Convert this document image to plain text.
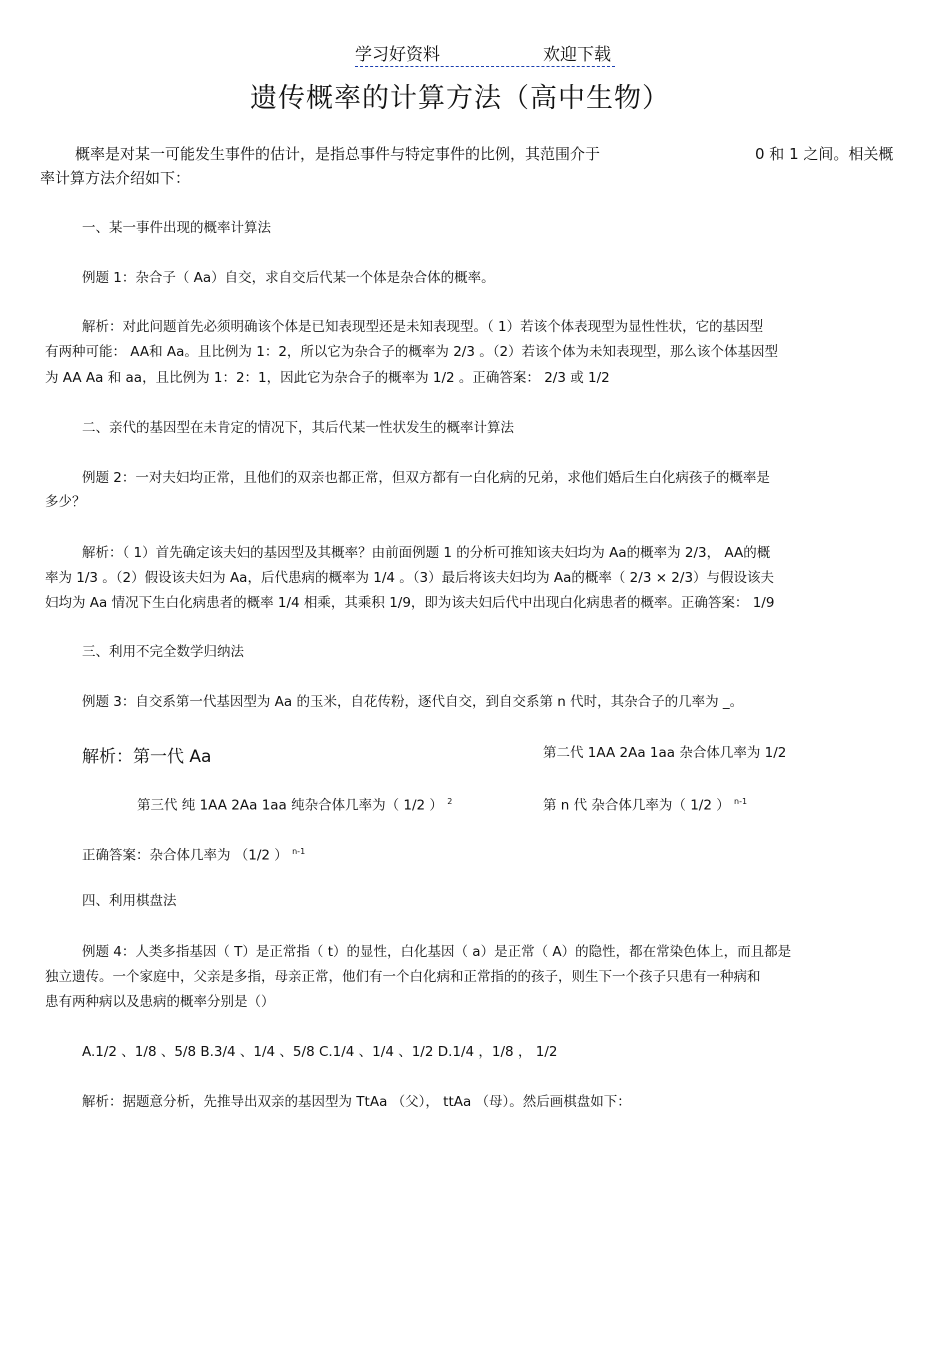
学习好资料	欢迎下载
遗传概率的计算方法（高中生物）
概率是对某一可能发生事件的估计，是指总事件与特定事件的比例，其范围介于	0 和 1 之间。相关概
率计算方法介绍如下：
一、某一事件出现的概率计算法
例题 1：杂合子（ Aa）自交，求自交后代某一个体是杂合体的概率。
解析：对此问题首先必须明确该个体是已知表现型还是未知表现型。（ 1）若该个体表现型为显性性状，它的基因型
有两种可能： AA和 Aa。且比例为 1：2，所以它为杂合子的概率为 2/3 。（2）若该个体为未知表现型，那么该个体基因型
为 AA Aa 和 aa，且比例为 1：2：1，因此它为杂合子的概率为 1/2 。正确答案： 2/3 或 1/2
二、亲代的基因型在未肯定的情况下，其后代某一性状发生的概率计算法
例题 2：一对夫妇均正常，且他们的双亲也都正常，但双方都有一白化病的兄弟，求他们婚后生白化病孩子的概率是
多少？
解析：（ 1）首先确定该夫妇的基因型及其概率？由前面例题 1 的分析可推知该夫妇均为 Aa的概率为 2/3， AA的概
率为 1/3 。（2）假设该夫妇为 Aa，后代患病的概率为 1/4 。（3）最后将该夫妇均为 Aa的概率（ 2/3 × 2/3）与假设该夫
妇均为 Aa 情况下生白化病患者的概率 1/4 相乘，其乘积 1/9，即为该夫妇后代中出现白化病患者的概率。正确答案： 1/9
三、利用不完全数学归纳法
例题 3：自交系第一代基因型为 Aa 的玉米，自花传粉，逐代自交，到自交系第 n 代时，其杂合子的几率为 _。
解析：第一代 Aa	第二代 1AA 2Aa 1aa 杂合体几率为 1/2
第三代 纯 1AA 2Aa 1aa 纯杂合体几率为（ 1/2 ） $^2$	第 n 代 杂合体几率为（ 1/2 ） $^{n-1}$
正确答案：杂合体几率为 （1/2 ） $^{n-1}$
四、利用棋盘法
例题 4：人类多指基因（ T）是正常指（ t）的显性，白化基因（ a）是正常（ A）的隐性，都在常染色体上，而且都是
独立遗传。一个家庭中，父亲是多指，母亲正常，他们有一个白化病和正常指的的孩子，则生下一个孩子只患有一种病和
患有两种病以及患病的概率分别是（）
A.1/2 、1/8 、5/8 B.3/4 、1/4 、5/8 C.1/4 、1/4 、1/2 D.1/4 ，1/8 ， 1/2
解析：据题意分析，先推导出双亲的基因型为 TtAa （父）， ttAa （母）。然后画棋盘如下：
